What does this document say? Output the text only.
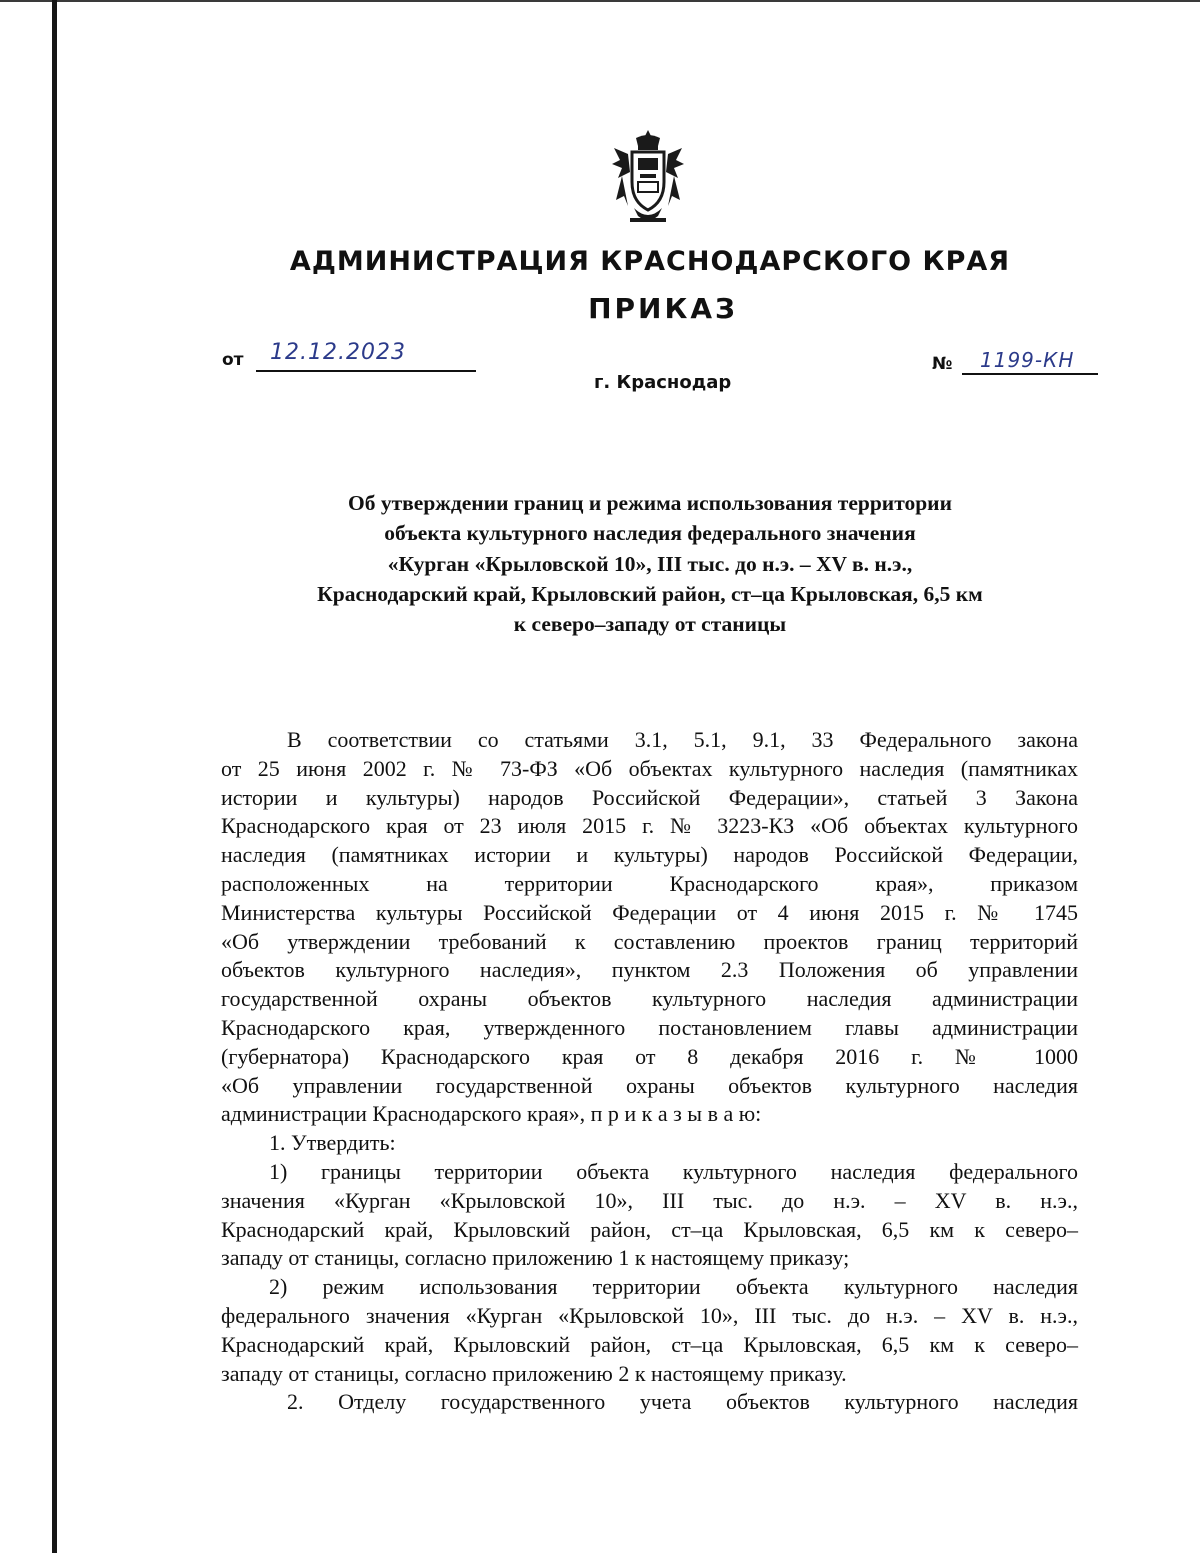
АДМИНИСТРАЦИЯ КРАСНОДАРСКОГО КРАЯ
ПРИКАЗ
от 12.12.2023	№ 1199-КН
г. Краснодар
Об утверждении границ и режима использования территории
объекта культурного наследия федерального значения
«Курган «Крыловской 10», III тыс. до н.э. – XV в. н.э.,
Краснодарский край, Крыловский район, ст–ца Крыловская, 6,5 км
к северо–западу от станицы
В соответствии со статьями 3.1, 5.1, 9.1, 33 Федерального закона
от 25 июня 2002 г. № 73-ФЗ «Об объектах культурного наследия (памятниках
истории и культуры) народов Российской Федерации», статьей 3 Закона
Краснодарского края от 23 июля 2015 г. № 3223-КЗ «Об объектах культурного
наследия (памятниках истории и культуры) народов Российской Федерации,
расположенных на территории Краснодарского края», приказом
Министерства культуры Российской Федерации от 4 июня 2015 г. № 1745
«Об утверждении требований к составлению проектов границ территорий
объектов культурного наследия», пунктом 2.3 Положения об управлении
государственной охраны объектов культурного наследия администрации
Краснодарского края, утвержденного постановлением главы администрации
(губернатора) Краснодарского края от 8 декабря 2016 г. № 1000
«Об управлении государственной охраны объектов культурного наследия
администрации Краснодарского края», п р и к а з ы в а ю:
1. Утвердить:
1) границы территории объекта культурного наследия федерального
значения «Курган «Крыловской 10», III тыс. до н.э. – XV в. н.э.,
Краснодарский край, Крыловский район, ст–ца Крыловская, 6,5 км к северо–
западу от станицы, согласно приложению 1 к настоящему приказу;
2) режим использования территории объекта культурного наследия
федерального значения «Курган «Крыловской 10», III тыс. до н.э. – XV в. н.э.,
Краснодарский край, Крыловский район, ст–ца Крыловская, 6,5 км к северо–
западу от станицы, согласно приложению 2 к настоящему приказу.
2. Отделу государственного учета объектов культурного наследия
